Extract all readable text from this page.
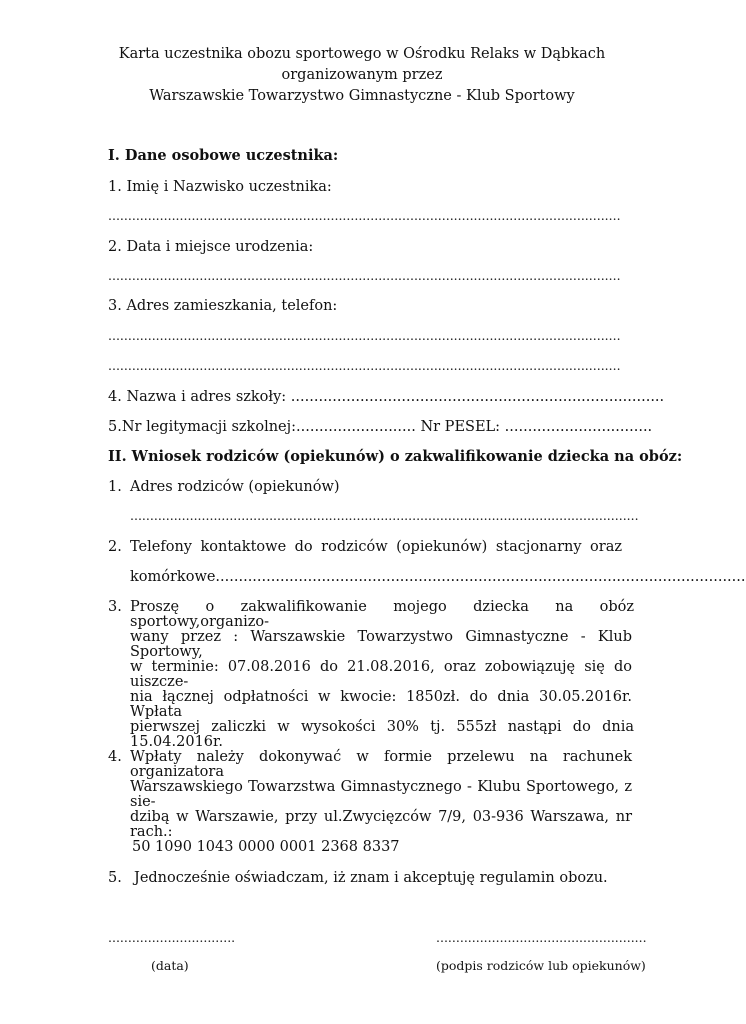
Karta uczestnika obozu sportowego w Ośrodku Relaks w Dąbkach
organizowanym przez
Warszawskie Towarzystwo Gimnastyczne - Klub Sportowy
I. Dane osobowe uczestnika:
1. Imię i Nazwisko uczestnika:
.................................................................................................................................
2. Data i miejsce urodzenia:
.................................................................................................................................
3. Adres zamieszkania, telefon:
.................................................................................................................................
.................................................................................................................................
4. Nazwa i adres szkoły: .................................................................................
5.Nr legitymacji szkolnej:.......................... Nr PESEL: ................................
II. Wniosek rodziców (opiekunów) o zakwalifikowanie dziecka na obóz:
1. Adres rodziców (opiekunów)
................................................................................................................................
2. Telefony kontaktowe do rodziców (opiekunów) stacjonarny oraz
komórkowe...................................................................................................................
3. Proszę o zakwalifikowanie mojego dziecka na obóz sportowy,organizo-
wany przez : Warszawskie Towarzystwo Gimnastyczne - Klub Sportowy,
w terminie: 07.08.2016 do 21.08.2016, oraz zobowiązuję się do uiszcze-
nia łącznej odpłatności w kwocie: 1850zł. do dnia 30.05.2016r. Wpłata
pierwszej zaliczki w wysokości 30% tj. 555zł nastąpi do dnia 15.04.2016r.
4. Wpłaty należy dokonywać w formie przelewu na rachunek organizatora
Warszawskiego Towarzstwa Gimnastycznego - Klubu Sportowego, z sie-
dzibą w Warszawie, przy ul.Zwycięzców 7/9, 03-936 Warszawa, nr rach.:
50 1090 1043 0000 0001 2368 8337
5. Jednocześnie oświadczam, iż znam i akceptuję regulamin obozu.
................................
(data)
.....................................................
(podpis rodziców lub opiekunów)
